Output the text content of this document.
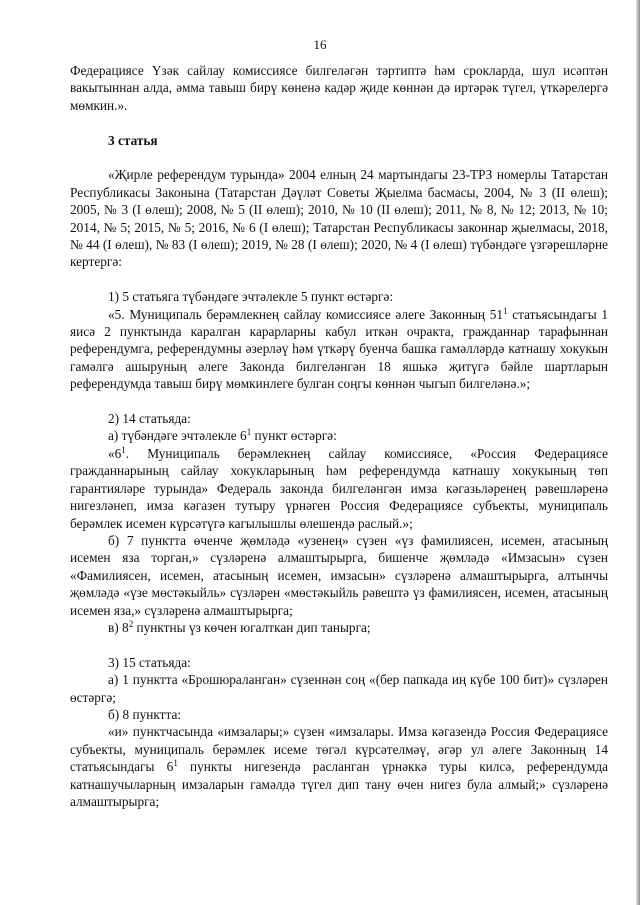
16

Федерациясе Үзәк сайлау комиссиясе билгеләгән тәртиптә һәм срокларда, шул исәптән вакытыннан алда, әмма тавыш бирү көненә кадәр җиде көннән дә иртәрәк түгел, үткәрелергә мөмкин.».

3 статья

«Җирле референдум турында» 2004 елның 24 мартындагы 23-ТРЗ номерлы Татарстан Республикасы Законына (Татарстан Дәүләт Советы Җыелма басмасы, 2004, № 3 (II өлеш); 2005, № 3 (I өлеш); 2008, № 5 (II өлеш); 2010, № 10 (II өлеш); 2011, № 8, № 12; 2013, № 10; 2014, № 5; 2015, № 5; 2016, № 6 (I өлеш); Татарстан Республикасы законнар җыелмасы, 2018, № 44 (I өлеш), № 83 (I өлеш); 2019, № 28 (I өлеш); 2020, № 4 (I өлеш) түбәндәге үзгәрешләрне кертергә:

1) 5 статьяга түбәндәге эчтәлекле 5 пункт өстәргә:

«5. Муниципаль берәмлекнең сайлау комиссиясе әлеге Законның $51^1$ статьясындагы 1 яисә 2 пунктында каралган карарларны кабул иткән очракта, гражданнар тарафыннан референдумга, референдумны әзерләү һәм үткәрү буенча башка гамәлләрдә катнашу хокукын гамәлгә ашыруның әлеге Законда билгеләнгән 18 яшькә җитүгә бәйле шартларын референдумда тавыш бирү мөмкинлеге булган соңгы көннән чыгып билгеләнә.»;

2) 14 статьяда:

а) түбәндәге эчтәлекле $6^1$ пункт өстәргә:

«$6^1$. Муниципаль берәмлекнең сайлау комиссиясе, «Россия Федерациясе гражданнарының сайлау хокукларының һәм референдумда катнашу хокукының төп гарантияләре турында» Федераль законда билгеләнгән имза кәгазьләренең рәвешләренә нигезләнеп, имза кәгазен тутыру үрнәген Россия Федерациясе субъекты, муниципаль берәмлек исемен күрсәтүгә кагылышлы өлешендә раслый.»;

б) 7 пунктта өченче җөмләдә «узенең» сүзен «үз фамилиясен, исемен, атасының исемен яза торган,» сүзләренә алмаштырырга, бишенче җөмләдә «Имзасын» сүзен «Фамилиясен, исемен, атасының исемен, имзасын» сүзләренә алмаштырырга, алтынчы җөмләдә «үзе мөстәкыйль» сүзләрен «мөстәкыйль рәвештә үз фамилиясен, исемен, атасының исемен яза,» сүзләренә алмаштырырга;

в) $8^2$ пунктны үз көчен югалткан дип танырга;

3) 15 статьяда:

а) 1 пунктта «Брошюраланган» сүзеннән соң «(бер папкада иң күбе 100 бит)» сүзләрен өстәргә;

б) 8 пунктта:

«и» пунктчасында «имзалары;» сүзен «имзалары. Имза кәгазендә Россия Федерациясе субъекты, муниципаль берәмлек исеме төгәл күрсәтелмәү, әгәр ул әлеге Законның 14 статьясындагы $6^1$ пункты нигезендә расланган үрнәккә туры килсә, референдумда катнашучыларның имзаларын гамәлдә түгел дип тану өчен нигез була алмый;» сүзләренә алмаштырырга;
